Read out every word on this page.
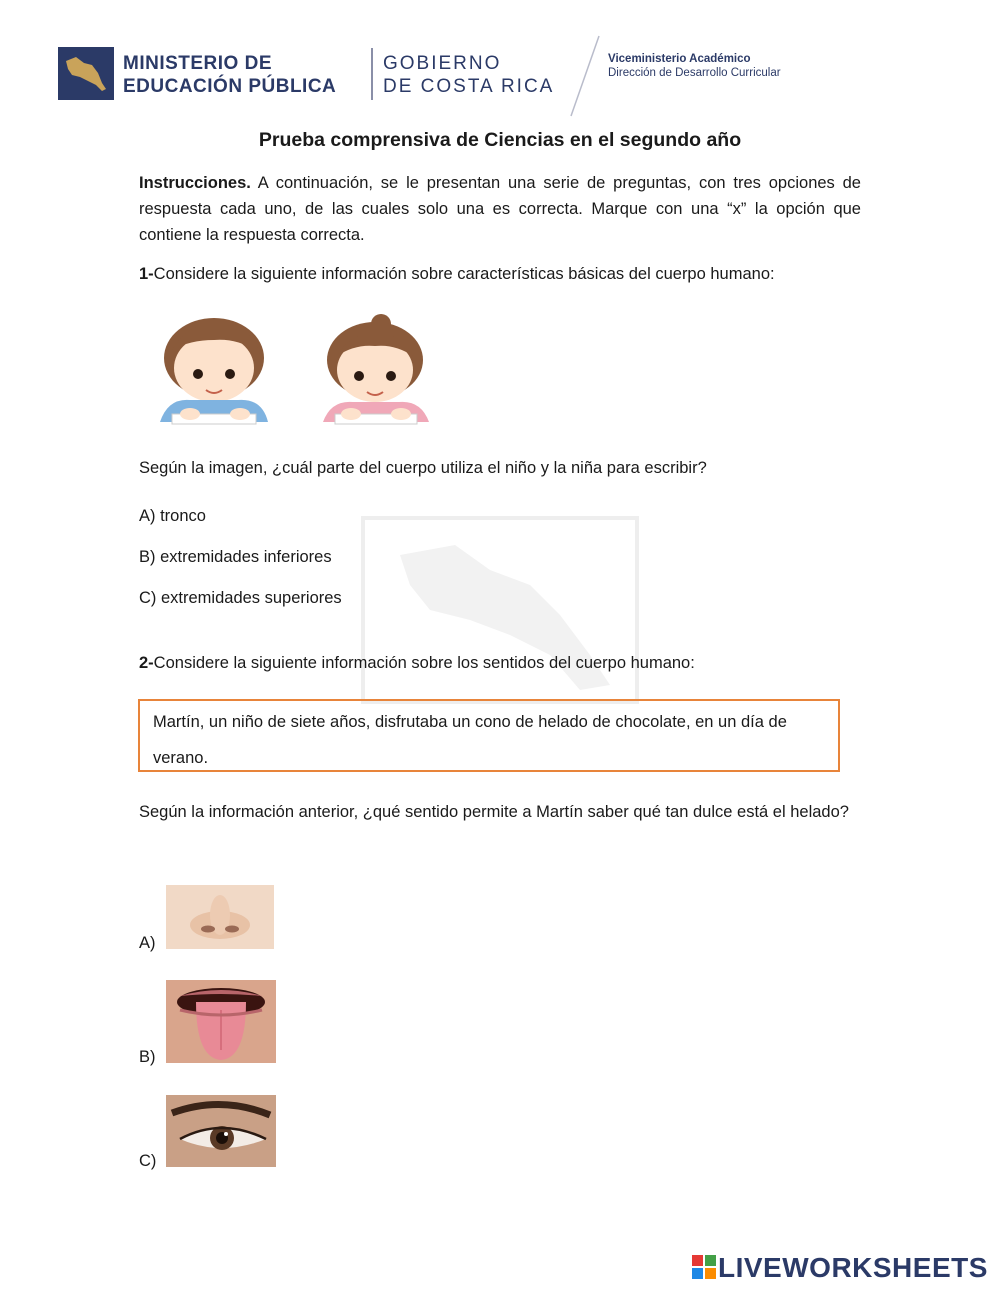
MINISTERIO DE
EDUCACIÓN PÚBLICA
GOBIERNO
DE COSTA RICA
Viceministerio Académico
Dirección de Desarrollo Curricular
Prueba comprensiva de Ciencias en el segundo año
Instrucciones. A continuación, se le presentan una serie de preguntas, con tres opciones de respuesta cada uno, de las cuales solo una es correcta. Marque con una “x” la opción que contiene la respuesta correcta.
1-Considere la siguiente información sobre características básicas del cuerpo humano:
Según la imagen, ¿cuál parte del cuerpo utiliza el niño y la niña para escribir?
A) tronco
B) extremidades inferiores
C) extremidades superiores
2-Considere la siguiente información sobre los sentidos del cuerpo humano:
Martín, un niño de siete años, disfrutaba un cono de helado de chocolate, en un día de verano.
Según la información anterior, ¿qué sentido permite a Martín saber qué tan dulce está el helado?
A)
B)
C)
LIVEWORKSHEETS
